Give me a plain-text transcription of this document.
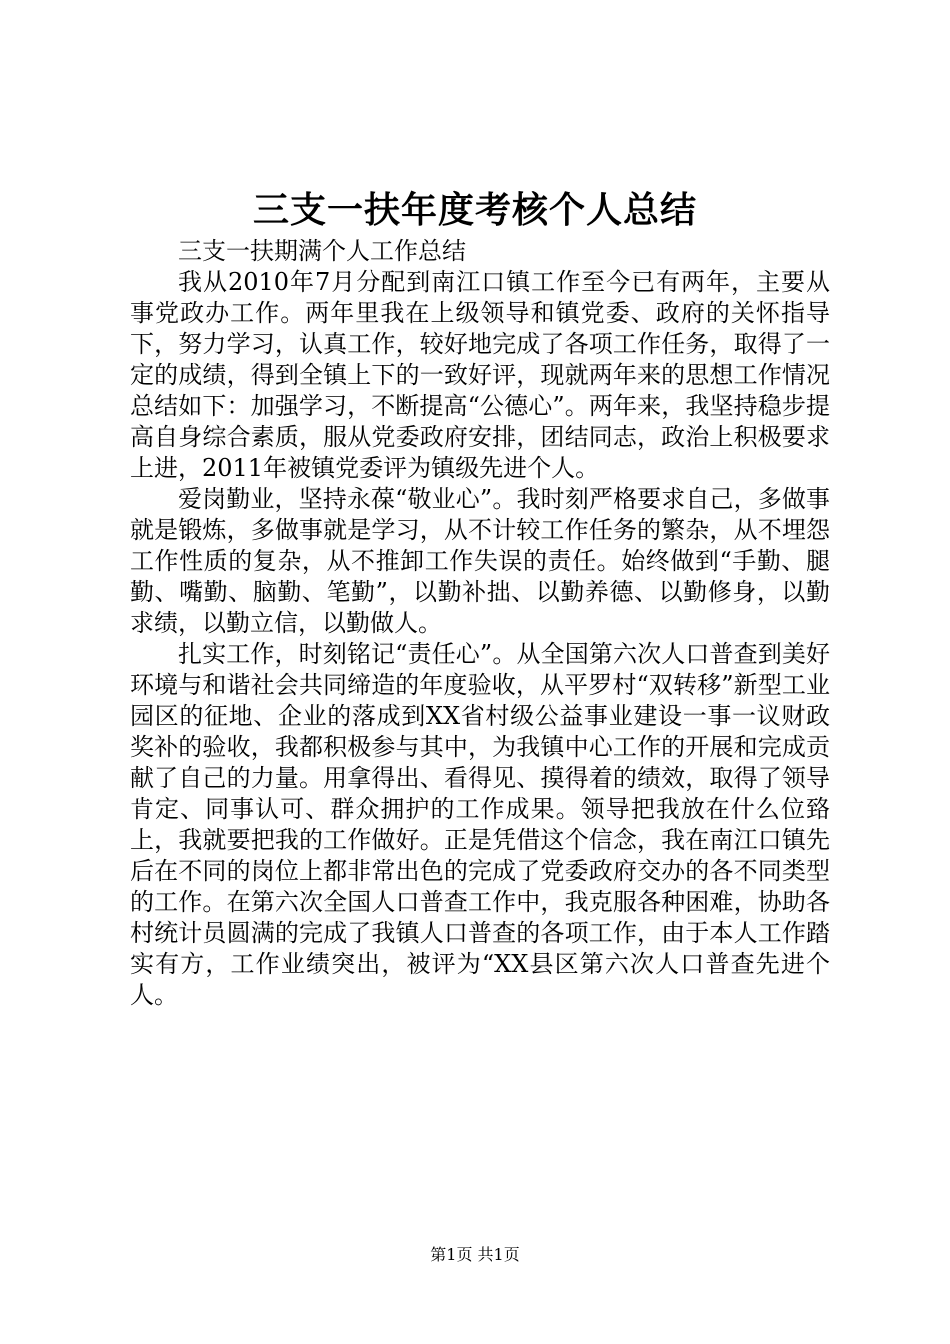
三支一扶年度考核个人总结

三支一扶期满个人工作总结

我从2010年7月分配到南江口镇工作至今已有两年，主要从事党政办工作。两年里我在上级领导和镇党委、政府的关怀指导下，努力学习，认真工作，较好地完成了各项工作任务，取得了一定的成绩，得到全镇上下的一致好评，现就两年来的思想工作情况总结如下：加强学习，不断提高“公德心”。两年来，我坚持稳步提高自身综合素质，服从党委政府安排，团结同志，政治上积极要求上进，2011年被镇党委评为镇级先进个人。

爱岗勤业，坚持永葆“敬业心”。我时刻严格要求自己，多做事就是锻炼，多做事就是学习，从不计较工作任务的繁杂，从不埋怨工作性质的复杂，从不推卸工作失误的责任。始终做到“手勤、腿勤、嘴勤、脑勤、笔勤”，以勤补拙、以勤养德、以勤修身，以勤求绩，以勤立信，以勤做人。

扎实工作，时刻铭记“责任心”。从全国第六次人口普查到美好环境与和谐社会共同缔造的年度验收，从平罗村“双转移”新型工业园区的征地、企业的落成到XX省村级公益事业建设一事一议财政奖补的验收，我都积极参与其中，为我镇中心工作的开展和完成贡献了自己的力量。用拿得出、看得见、摸得着的绩效，取得了领导肯定、同事认可、群众拥护的工作成果。领导把我放在什么位臵上，我就要把我的工作做好。正是凭借这个信念，我在南江口镇先后在不同的岗位上都非常出色的完成了党委政府交办的各不同类型的工作。在第六次全国人口普查工作中，我克服各种困难，协助各村统计员圆满的完成了我镇人口普查的各项工作，由于本人工作踏实有方，工作业绩突出，被评为“XX县区第六次人口普查先进个人。

第1页 共1页
